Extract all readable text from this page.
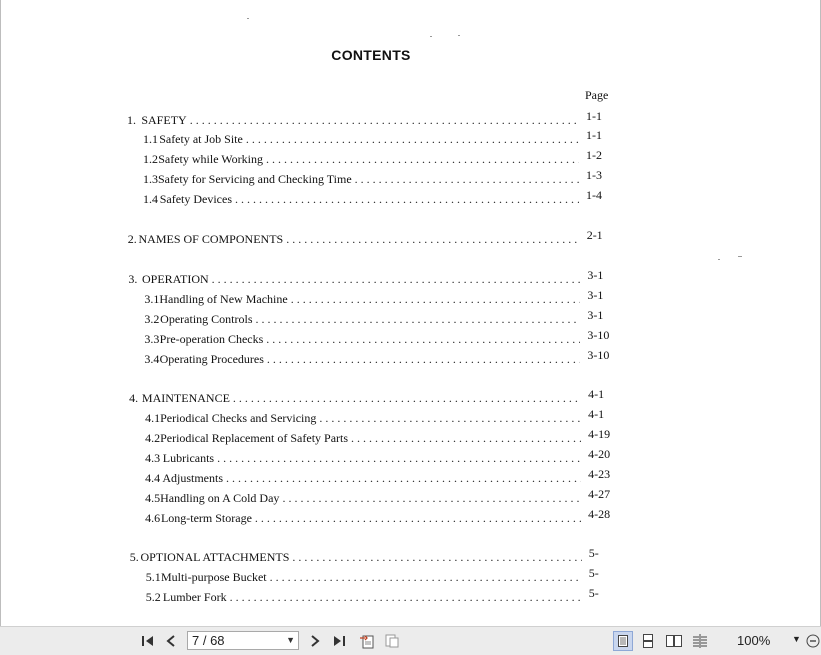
CONTENTS
Page
1. SAFETY . . .	1-1
1.1 Safety at Job Site . . .	1-1
1.2 Safety while Working . . .	1-2
1.3 Safety for Servicing and Checking Time . . .	1-3
1.4 Safety Devices . . .	1-4
2. NAMES OF COMPONENTS . . .	2-1
3. OPERATION . . .	3-1
3.1 Handling of New Machine . . .	3-1
3.2 Operating Controls . . .	3-1
3.3 Pre-operation Checks . . .	3-10
3.4 Operating Procedures . . .	3-10
4. MAINTENANCE . . .	4-1
4.1 Periodical Checks and Servicing . . .	4-1
4.2 Periodical Replacement of Safety Parts . . .	4-19
4.3 Lubricants . . .	4-20
4.4 Adjustments . . .	4-23
4.5 Handling on A Cold Day . . .	4-27
4.6 Long-term Storage . . .	4-28
5. OPTIONAL ATTACHMENTS . . .	5-
5.1 Multi-purpose Bucket . . .	5-
5.2 Lumber Fork . . .	5-
7 / 68	▼	100% ▼
